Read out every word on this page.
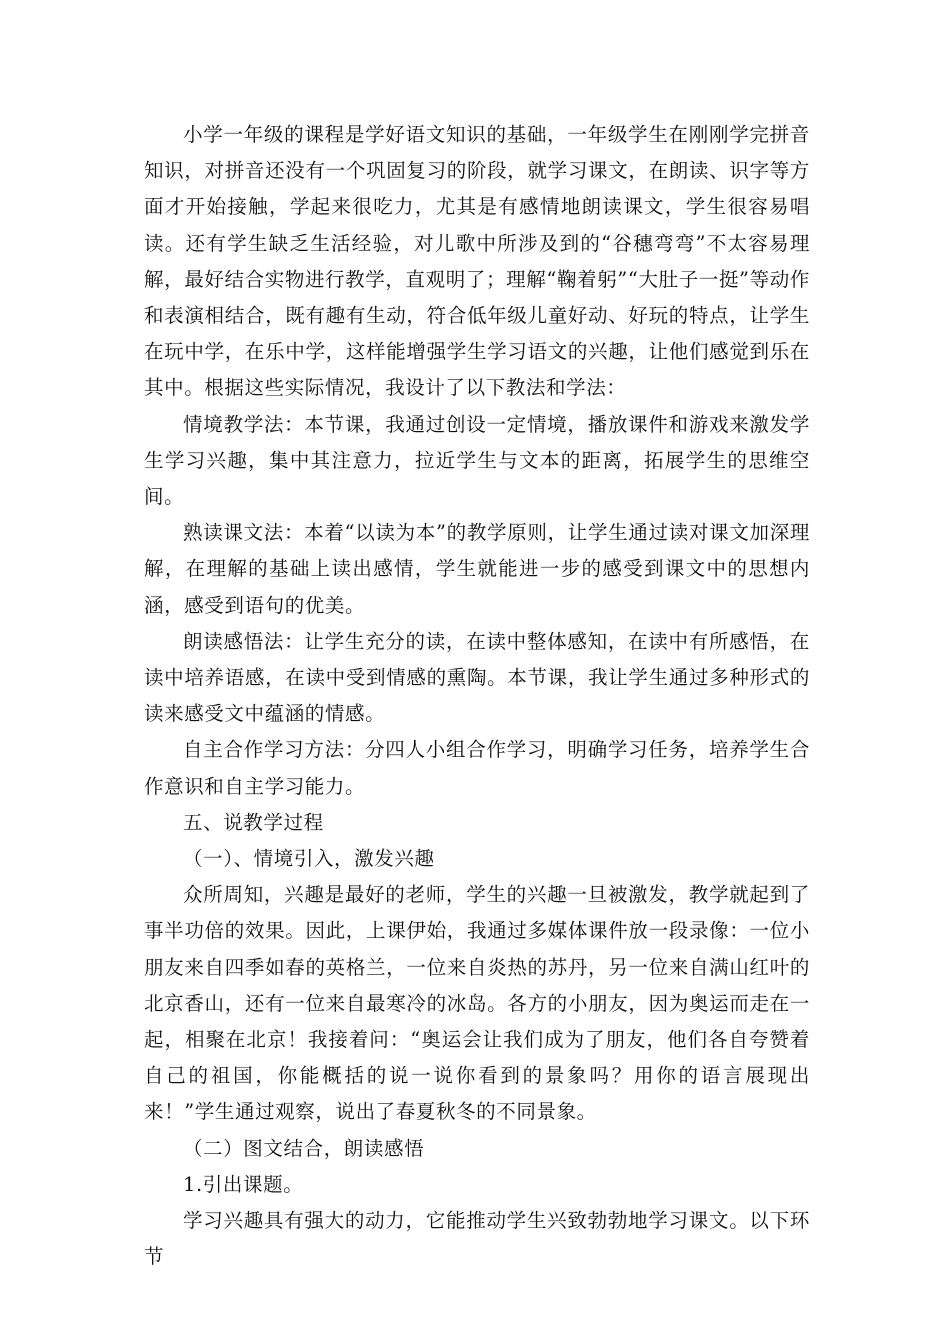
小学一年级的课程是学好语文知识的基础，一年级学生在刚刚学完拼音知识，对拼音还没有一个巩固复习的阶段，就学习课文，在朗读、识字等方面才开始接触，学起来很吃力，尤其是有感情地朗读课文，学生很容易唱读。还有学生缺乏生活经验，对儿歌中所涉及到的“谷穗弯弯”不太容易理解，最好结合实物进行教学，直观明了；理解“鞠着躬”“大肚子一挺”等动作和表演相结合，既有趣有生动，符合低年级儿童好动、好玩的特点，让学生在玩中学，在乐中学，这样能增强学生学习语文的兴趣，让他们感觉到乐在其中。根据这些实际情况，我设计了以下教法和学法：

情境教学法：本节课，我通过创设一定情境，播放课件和游戏来激发学生学习兴趣，集中其注意力，拉近学生与文本的距离，拓展学生的思维空间。

熟读课文法：本着“以读为本”的教学原则，让学生通过读对课文加深理解，在理解的基础上读出感情，学生就能进一步的感受到课文中的思想内涵，感受到语句的优美。

朗读感悟法：让学生充分的读，在读中整体感知，在读中有所感悟，在读中培养语感，在读中受到情感的熏陶。本节课，我让学生通过多种形式的读来感受文中蕴涵的情感。

自主合作学习方法：分四人小组合作学习，明确学习任务，培养学生合作意识和自主学习能力。

五、说教学过程

（一）、情境引入，激发兴趣

众所周知，兴趣是最好的老师，学生的兴趣一旦被激发，教学就起到了事半功倍的效果。因此，上课伊始，我通过多媒体课件放一段录像：一位小朋友来自四季如春的英格兰，一位来自炎热的苏丹，另一位来自满山红叶的北京香山，还有一位来自最寒冷的冰岛。各方的小朋友，因为奥运而走在一起，相聚在北京！我接着问：“奥运会让我们成为了朋友，他们各自夸赞着自己的祖国，你能概括的说一说你看到的景象吗？用你的语言展现出来！”学生通过观察，说出了春夏秋冬的不同景象。

（二）图文结合，朗读感悟

1.引出课题。

学习兴趣具有强大的动力，它能推动学生兴致勃勃地学习课文。以下环节
